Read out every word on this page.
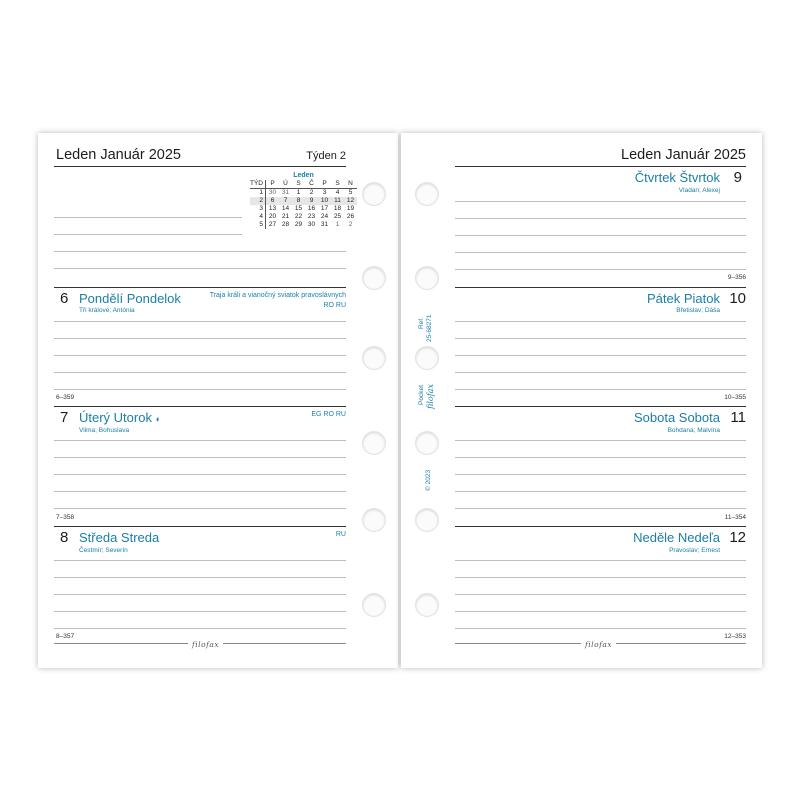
Leden Január 2025	Týden 2
Leden
TÝD	P	Ú	S	Č	P	S	N
1	30	31	1	2	3	4	5
2	6	7	8	9	10	11	12
3	13	14	15	16	17	18	19
4	20	21	22	23	24	25	26
5	27	28	29	30	31	1	2
6 Pondělí Pondelok
Tři králové; Antónia
Traja králi a vianočný sviatok pravoslávnych
RO RU
6–359
7 Úterý Utorok ◐
Vilma; Bohuslava
EG RO RU
7–358
8 Středa Streda
Čestmír; Severín
RU
8–357
filofax
Ref. 25-68271
Pocket filofax
© 2023
Leden Január 2025
9
Čtvrtek Štvrtok
Vladan; Alexej
9–356
10
Pátek Piatok
Břetislav; Dáša
10–355
11
Sobota Sobota
Bohdana; Malvína
11–354
12
Neděle Nedeľa
Pravoslav; Ernest
12–353
filofax
